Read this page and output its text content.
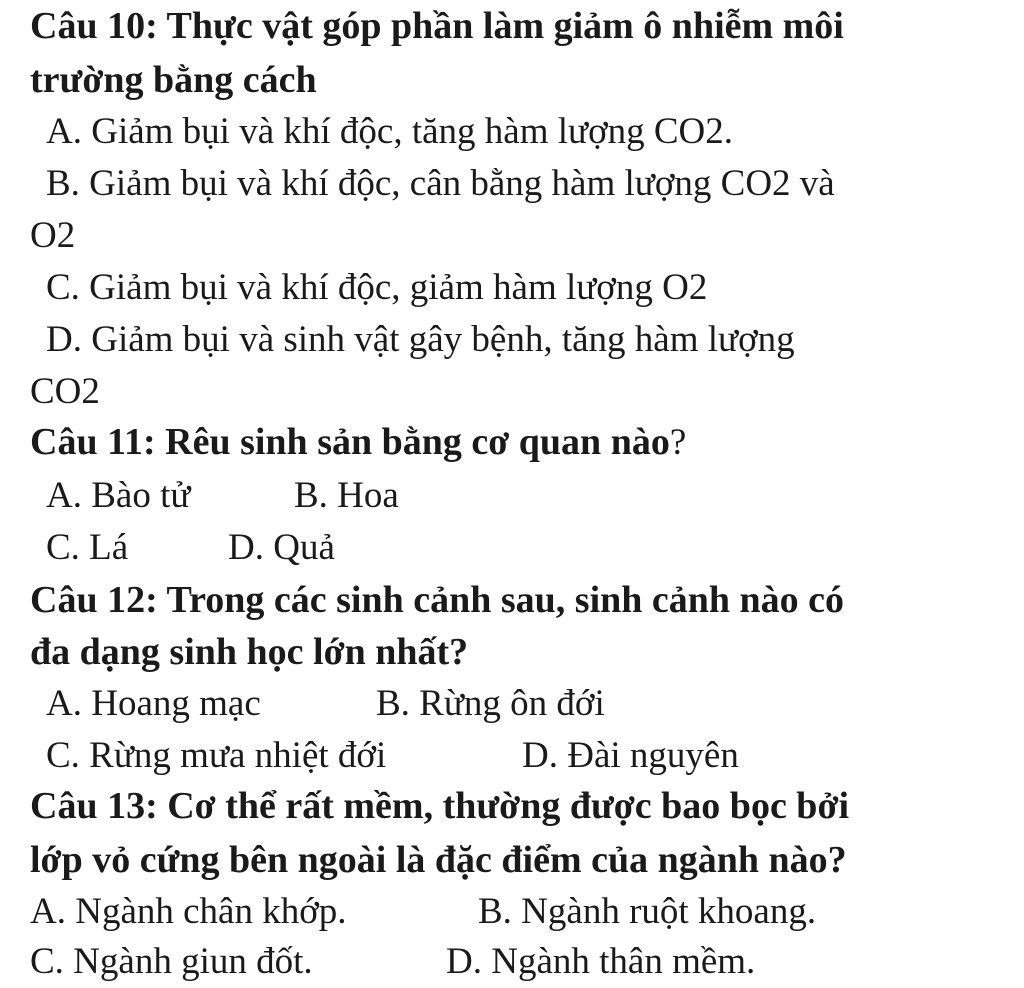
Câu 10: Thực vật góp phần làm giảm ô nhiễm môi
trường bằng cách
A. Giảm bụi và khí độc, tăng hàm lượng CO2.
B. Giảm bụi và khí độc, cân bằng hàm lượng CO2 và
O2
C. Giảm bụi và khí độc, giảm hàm lượng O2
D. Giảm bụi và sinh vật gây bệnh, tăng hàm lượng
CO2
Câu 11: Rêu sinh sản bằng cơ quan nào?
A. Bào tử	B. Hoa
C. Lá	D. Quả
Câu 12: Trong các sinh cảnh sau, sinh cảnh nào có
đa dạng sinh học lớn nhất?
A. Hoang mạc	B. Rừng ôn đới
C. Rừng mưa nhiệt đới	D. Đài nguyên
Câu 13: Cơ thể rất mềm, thường được bao bọc bởi
lớp vỏ cứng bên ngoài là đặc điểm của ngành nào?
A. Ngành chân khớp.	B. Ngành ruột khoang.
C. Ngành giun đốt.	D. Ngành thân mềm.
